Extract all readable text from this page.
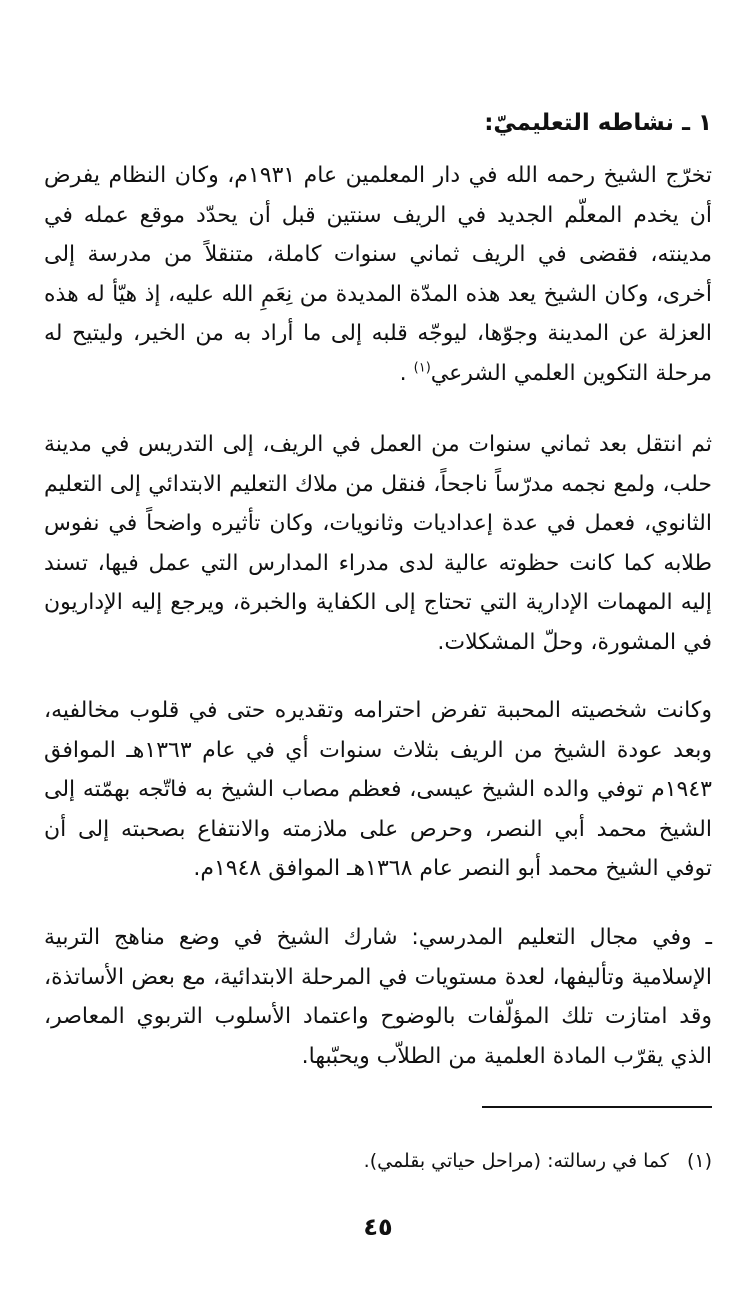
١ ـ نشاطه التعليميّ:

تخرّج الشيخ رحمه الله في دار المعلمين عام ١٩٣١م، وكان النظام يفرض أن يخدم المعلّم الجديد في الريف سنتين قبل أن يحدّد موقع عمله في مدينته، فقضى في الريف ثماني سنوات كاملة، متنقلاً من مدرسة إلى أخرى، وكان الشيخ يعد هذه المدّة المديدة من نِعَمِ الله عليه، إذ هيّأ له هذه العزلة عن المدينة وجوّها، ليوجّه قلبه إلى ما أراد به من الخير، وليتيح له مرحلة التكوين العلمي الشرعي$^{(١)}$ .

ثم انتقل بعد ثماني سنوات من العمل في الريف، إلى التدريس في مدينة حلب، ولمع نجمه مدرّساً ناجحاً، فنقل من ملاك التعليم الابتدائي إلى التعليم الثانوي، فعمل في عدة إعداديات وثانويات، وكان تأثيره واضحاً في نفوس طلابه كما كانت حظوته عالية لدى مدراء المدارس التي عمل فيها، تسند إليه المهمات الإدارية التي تحتاج إلى الكفاية والخبرة، ويرجع إليه الإداريون في المشورة، وحلّ المشكلات.

وكانت شخصيته المحببة تفرض احترامه وتقديره حتى في قلوب مخالفيه، وبعد عودة الشيخ من الريف بثلاث سنوات أي في عام ١٣٦٣هـ الموافق ١٩٤٣م توفي والده الشيخ عيسى، فعظم مصاب الشيخ به فاتّجه بهمّته إلى الشيخ محمد أبي النصر، وحرص على ملازمته والانتفاع بصحبته إلى أن توفي الشيخ محمد أبو النصر عام ١٣٦٨هـ الموافق ١٩٤٨م.

ـ وفي مجال التعليم المدرسي: شارك الشيخ في وضع مناهج التربية الإسلامية وتأليفها، لعدة مستويات في المرحلة الابتدائية، مع بعض الأساتذة، وقد امتازت تلك المؤلّفات بالوضوح واعتماد الأسلوب التربوي المعاصر، الذي يقرّب المادة العلمية من الطلاّب ويحبّبها.

(١)كما في رسالته: (مراحل حياتي بقلمي).
٤٥
